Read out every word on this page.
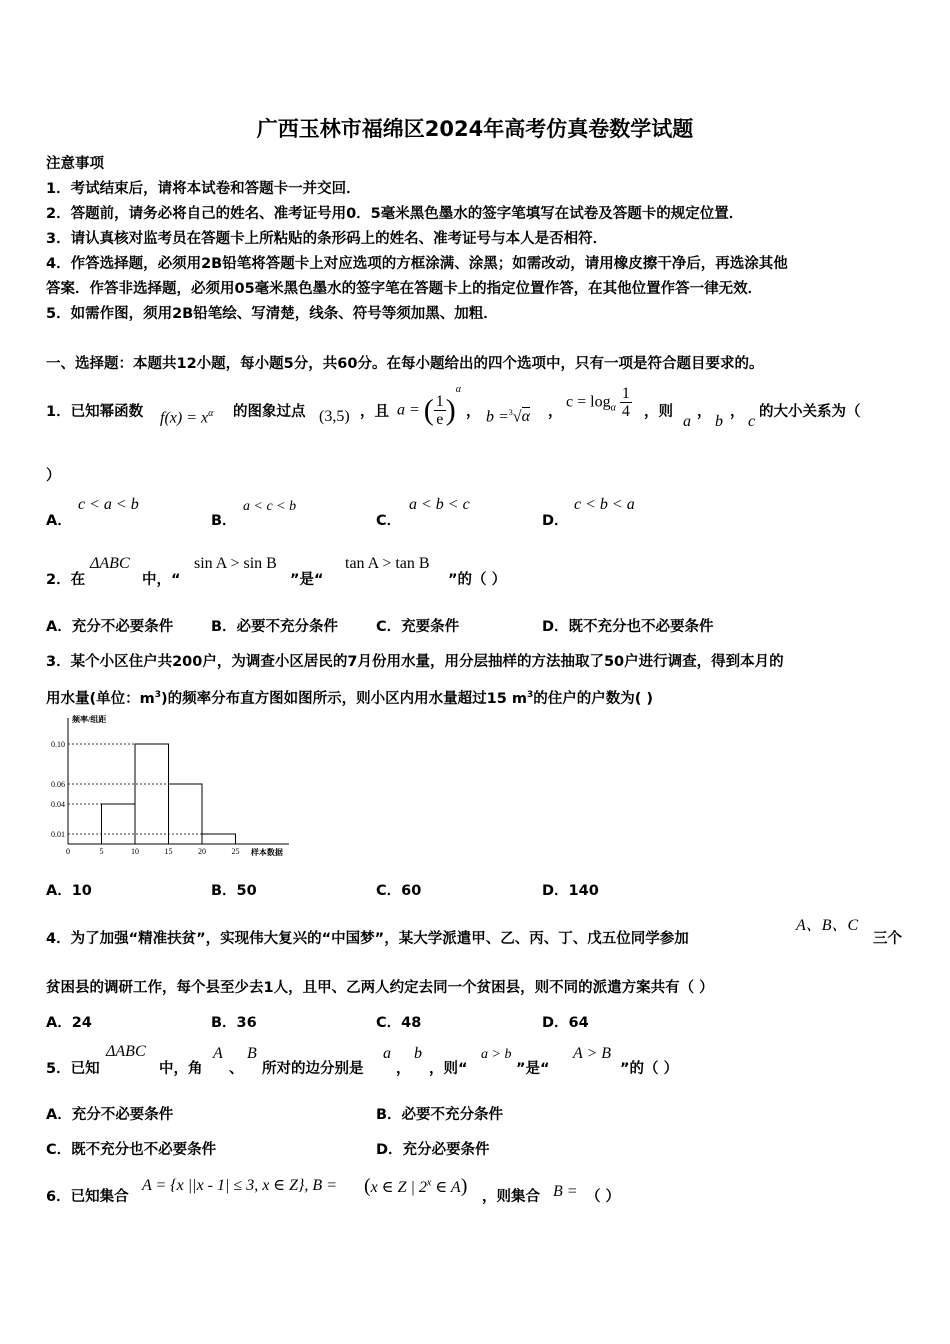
广西玉林市福绵区2024年高考仿真卷数学试题
注意事项
1．考试结束后，请将本试卷和答题卡一并交回．
2．答题前，请务必将自己的姓名、准考证号用0．5毫米黑色墨水的签字笔填写在试卷及答题卡的规定位置．
3．请认真核对监考员在答题卡上所粘贴的条形码上的姓名、准考证号与本人是否相符．
4．作答选择题，必须用2B铅笔将答题卡上对应选项的方框涂满、涂黑；如需改动，请用橡皮擦干净后，再选涂其他
答案．作答非选择题，必须用05毫米黑色墨水的签字笔在答题卡上的指定位置作答，在其他位置作答一律无效．
5．如需作图，须用2B铅笔绘、写清楚，线条、符号等须加黑、加粗．
一、选择题：本题共12小题，每小题5分，共60分。在每小题给出的四个选项中，只有一项是符合题目要求的。
1．已知幂函数 $f(x) = x^\alpha$ 的图象过点 (3,5) ，且 a = ( $\frac{1}{e} )^\alpha$
， b =$^3$√α ，
$c = \log_\alpha \frac{1}{4}$ ，则
a
，
b
，
c
的大小关系为（
）
A．
c < a < b
B．
a < c < b
C．
a < b < c
D．
c < b < a
2．在
ΔABC
中，“
sin A > sin B
”是“
tan A > tan B
”的（ ）
A．充分不必要条件	B．必要不充分条件	C．充要条件	D．既不充分也不必要条件
3．某个小区住户共200户，为调查小区居民的7月份用水量，用分层抽样的方法抽取了50户进行调查，得到本月的
用水量(单位：$m^3$)的频率分布直方图如图所示，则小区内用水量超过15 $m^3$的住户的户数为( )
0.10
0.06
0.04
0.01
0	5	10	15	20	25
频率/组距
样本数据
A．10	B．50	C．60	D．140
4．为了加强“精准扶贫”，实现伟大复兴的“中国梦”，某大学派遣甲、乙、丙、丁、戊五位同学参加
A、B、C
三个
贫困县的调研工作，每个县至少去1人，且甲、乙两人约定去同一个贫困县，则不同的派遣方案共有（ ）
A．24	B．36	C．48	D．64
5．已知
ΔABC
中，角
A
、
B
所对的边分别是
a
，
b
，则“
a > b
”是“
A > B
”的（ ）
A．充分不必要条件	B．必要不充分条件
C．既不充分也不必要条件	D．充分必要条件
6．已知集合
A = {x ||x - 1| ≤ 3, x ∈ Z}, B = (x ∈ Z | 2$^x$ ∈ A) ，则集合 B = （ ）
